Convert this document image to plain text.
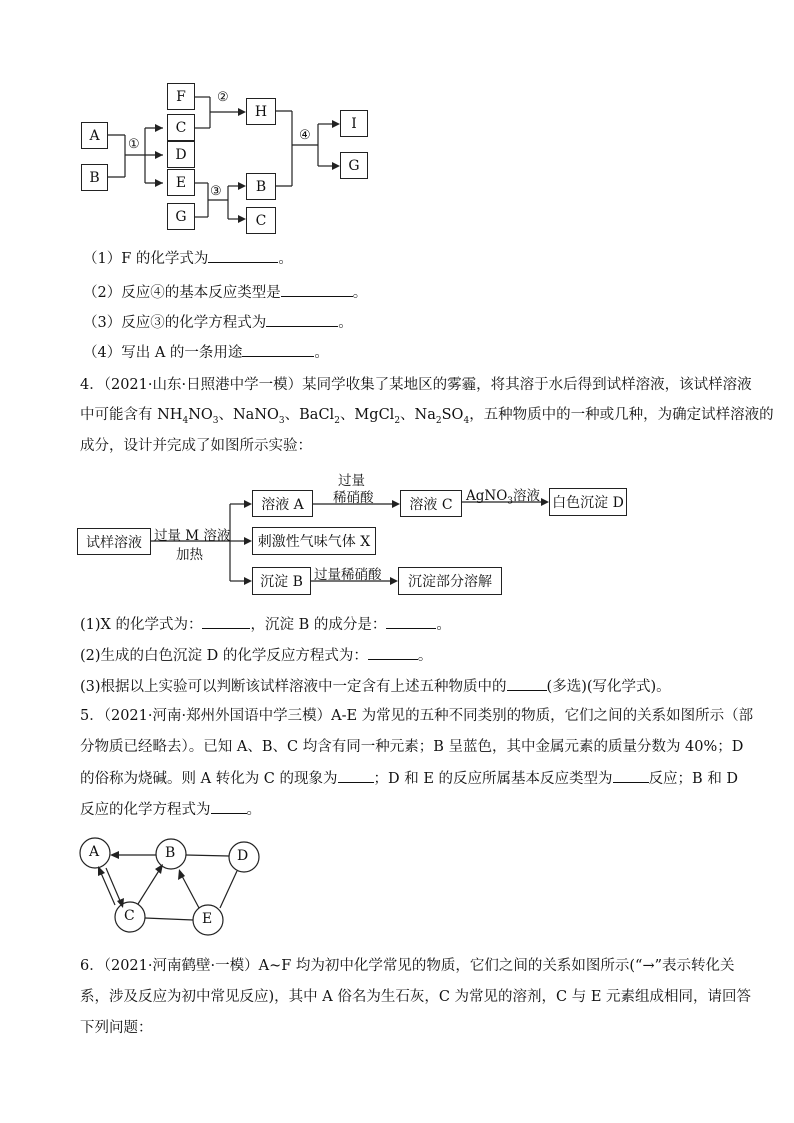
A
B
F
C
D
E
G
H
B
C
I
G
①
②
③
④
（1）F 的化学式为	。
（2）反应④的基本反应类型是	。
（3）反应③的化学方程式为	。
（4）写出 A 的一条用途	。
4．（2021·山东·日照港中学一模）某同学收集了某地区的雾霾，将其溶于水后得到试样溶液，该试样溶液
中可能含有 $NH_4NO_3$、NaNO$_3$、BaCl$_2$、MgCl$_2$、$Na_2SO_4$，五种物质中的一种或几种，为确定试样溶液的
成分，设计并完成了如图所示实验：
试样溶液 过量 M 溶液
加热
溶液 A
过量
稀硝酸	溶液 C
AgNO$_3$溶液 白色沉淀 D
刺激性气味气体 X
沉淀 B 过量稀硝酸	沉淀部分溶解
(1)X 的化学式为：	，沉淀 B 的成分是：	。
(2)生成的白色沉淀 D 的化学反应方程式为：	。
(3)根据以上实验可以判断该试样溶液中一定含有上述五种物质中的	(多选)(写化学式)。
5．（2021·河南·郑州外国语中学三模）A-E 为常见的五种不同类别的物质，它们之间的关系如图所示（部
分物质已经略去）。已知 A、B、C 均含有同一种元素；B 呈蓝色，其中金属元素的质量分数为 40%；D
的俗称为烧碱。则 A 转化为 C 的现象为 ；D 和 E 的反应所属基本反应类型为 反应；B 和 D
反应的化学方程式为 。
A	B	D
C	E
6．（2021·河南鹤壁·一模）A~F 均为初中化学常见的物质，它们之间的关系如图所示(“→”表示转化关
系，涉及反应为初中常见反应)，其中 A 俗名为生石灰，C 为常见的溶剂，C 与 E 元素组成相同，请回答
下列问题：
